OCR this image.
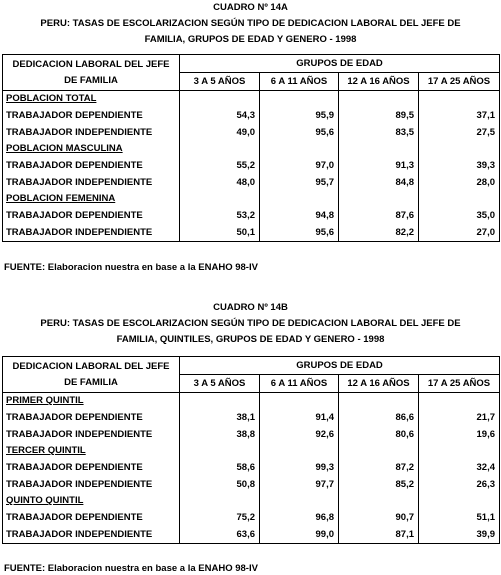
CUADRO Nº 14A
PERU: TASAS DE ESCOLARIZACION SEGÚN TIPO DE DEDICACION LABORAL DEL JEFE DE
FAMILIA, GRUPOS DE EDAD Y GENERO - 1998
DEDICACION LABORAL DEL JEFE
DE FAMILIA	GRUPOS DE EDAD			
	3 A 5 AÑOS	6 A 11 AÑOS	12 A 16 AÑOS	17 A 25 AÑOS
POBLACION TOTAL				
TRABAJADOR DEPENDIENTE	54,3	95,9	89,5	37,1
TRABAJADOR INDEPENDIENTE	49,0	95,6	83,5	27,5
POBLACION MASCULINA				
TRABAJADOR DEPENDIENTE	55,2	97,0	91,3	39,3
TRABAJADOR INDEPENDIENTE	48,0	95,7	84,8	28,0
POBLACION FEMENINA				
TRABAJADOR DEPENDIENTE	53,2	94,8	87,6	35,0
TRABAJADOR INDEPENDIENTE	50,1	95,6	82,2	27,0
FUENTE: Elaboracion nuestra en base a la ENAHO 98-IV
CUADRO Nº 14B
PERU: TASAS DE ESCOLARIZACION SEGÚN TIPO DE DEDICACION LABORAL DEL JEFE DE
FAMILIA, QUINTILES, GRUPOS DE EDAD Y GENERO - 1998
DEDICACION LABORAL DEL JEFE
DE FAMILIA	GRUPOS DE EDAD			
	3 A 5 AÑOS	6 A 11 AÑOS	12 A 16 AÑOS	17 A 25 AÑOS
PRIMER QUINTIL				
TRABAJADOR DEPENDIENTE	38,1	91,4	86,6	21,7
TRABAJADOR INDEPENDIENTE	38,8	92,6	80,6	19,6
TERCER QUINTIL				
TRABAJADOR DEPENDIENTE	58,6	99,3	87,2	32,4
TRABAJADOR INDEPENDIENTE	50,8	97,7	85,2	26,3
QUINTO QUINTIL				
TRABAJADOR DEPENDIENTE	75,2	96,8	90,7	51,1
TRABAJADOR INDEPENDIENTE	63,6	99,0	87,1	39,9
FUENTE: Elaboracion nuestra en base a la ENAHO 98-IV
